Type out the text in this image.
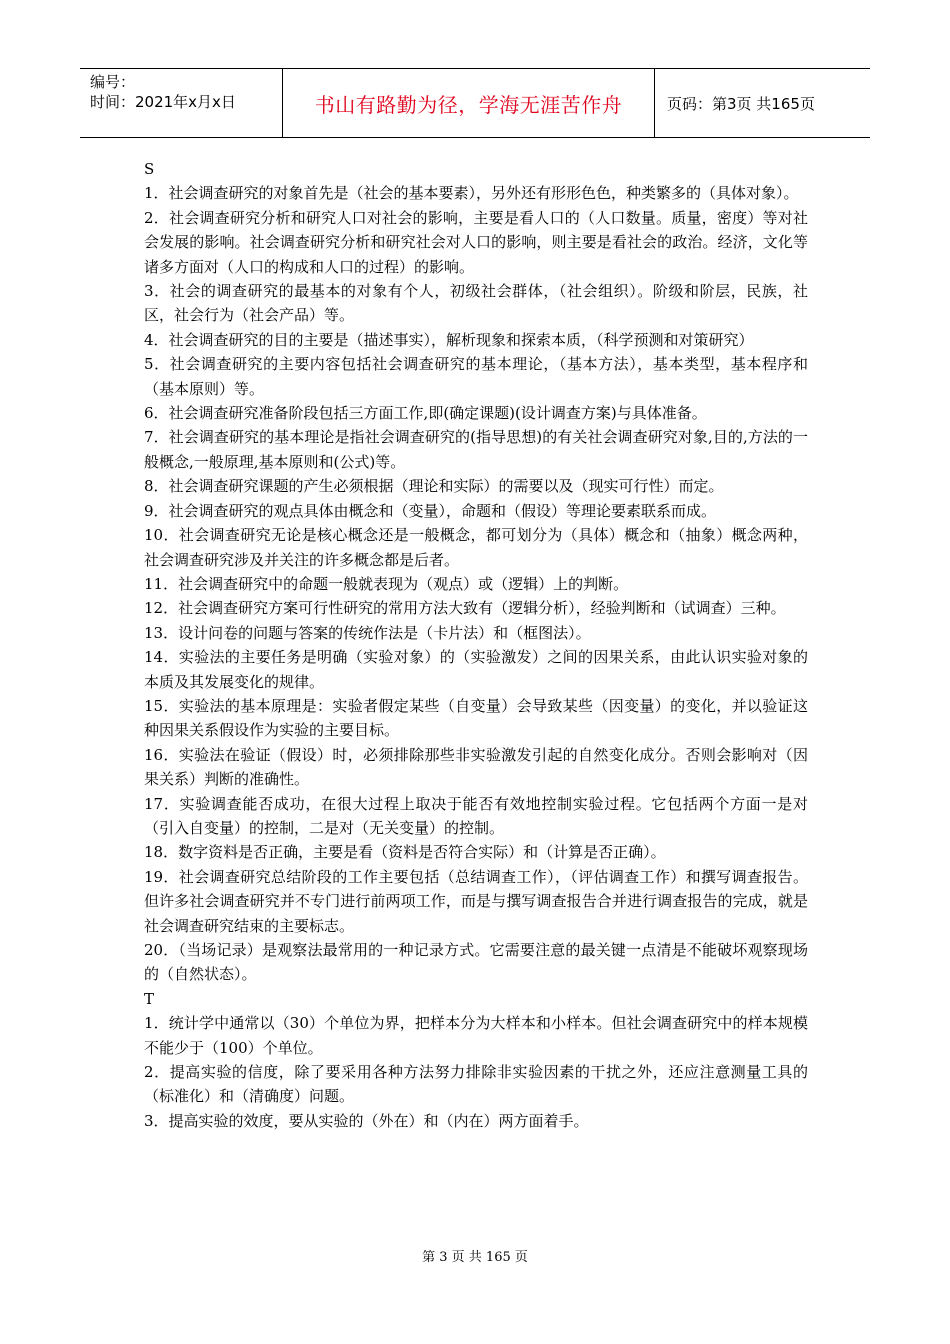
编号：
时间：2021年x月x日	书山有路勤为径，学海无涯苦作舟	页码：第3页 共165页

S

1．社会调查研究的对象首先是（社会的基本要素），另外还有形形色色，种类繁多的（具体对象）。

2．社会调查研究分析和研究人口对社会的影响，主要是看人口的（人口数量。质量，密度）等对社会发展的影响。社会调查研究分析和研究社会对人口的影响，则主要是看社会的政治。经济，文化等诸多方面对（人口的构成和人口的过程）的影响。

3．社会的调查研究的最基本的对象有个人，初级社会群体，（社会组织）。阶级和阶层，民族，社区，社会行为（社会产品）等。

4．社会调查研究的目的主要是（描述事实），解析现象和探索本质，（科学预测和对策研究）

5．社会调查研究的主要内容包括社会调查研究的基本理论，（基本方法），基本类型，基本程序和（基本原则）等。

6．社会调查研究准备阶段包括三方面工作,即(确定课题)(设计调查方案)与具体准备。

7．社会调查研究的基本理论是指社会调查研究的(指导思想)的有关社会调查研究对象,目的,方法的一般概念,一般原理,基本原则和(公式)等。

8．社会调查研究课题的产生必须根据（理论和实际）的需要以及（现实可行性）而定。

9．社会调查研究的观点具体由概念和（变量），命题和（假设）等理论要素联系而成。

10．社会调查研究无论是核心概念还是一般概念，都可划分为（具体）概念和（抽象）概念两种，社会调查研究涉及并关注的许多概念都是后者。

11．社会调查研究中的命题一般就表现为（观点）或（逻辑）上的判断。

12．社会调查研究方案可行性研究的常用方法大致有（逻辑分析），经验判断和（试调查）三种。

13．设计问卷的问题与答案的传统作法是（卡片法）和（框图法）。

14．实验法的主要任务是明确（实验对象）的（实验激发）之间的因果关系，由此认识实验对象的本质及其发展变化的规律。

15．实验法的基本原理是：实验者假定某些（自变量）会导致某些（因变量）的变化，并以验证这种因果关系假设作为实验的主要目标。

16．实验法在验证（假设）时，必须排除那些非实验激发引起的自然变化成分。否则会影响对（因果关系）判断的准确性。

17．实验调查能否成功，在很大过程上取决于能否有效地控制实验过程。它包括两个方面一是对（引入自变量）的控制，二是对（无关变量）的控制。

18．数字资料是否正确，主要是看（资料是否符合实际）和（计算是否正确）。

19．社会调查研究总结阶段的工作主要包括（总结调查工作），（评估调查工作）和撰写调查报告。但许多社会调查研究并不专门进行前两项工作，而是与撰写调查报告合并进行调查报告的完成，就是社会调查研究结束的主要标志。

20．（当场记录）是观察法最常用的一种记录方式。它需要注意的最关键一点清是不能破坏观察现场的（自然状态）。

T

1．统计学中通常以（30）个单位为界，把样本分为大样本和小样本。但社会调查研究中的样本规模不能少于（100）个单位。

2．提高实验的信度，除了要采用各种方法努力排除非实验因素的干扰之外，还应注意测量工具的（标准化）和（清确度）问题。

3．提高实验的效度，要从实验的（外在）和（内在）两方面着手。

第 3 页 共 165 页
